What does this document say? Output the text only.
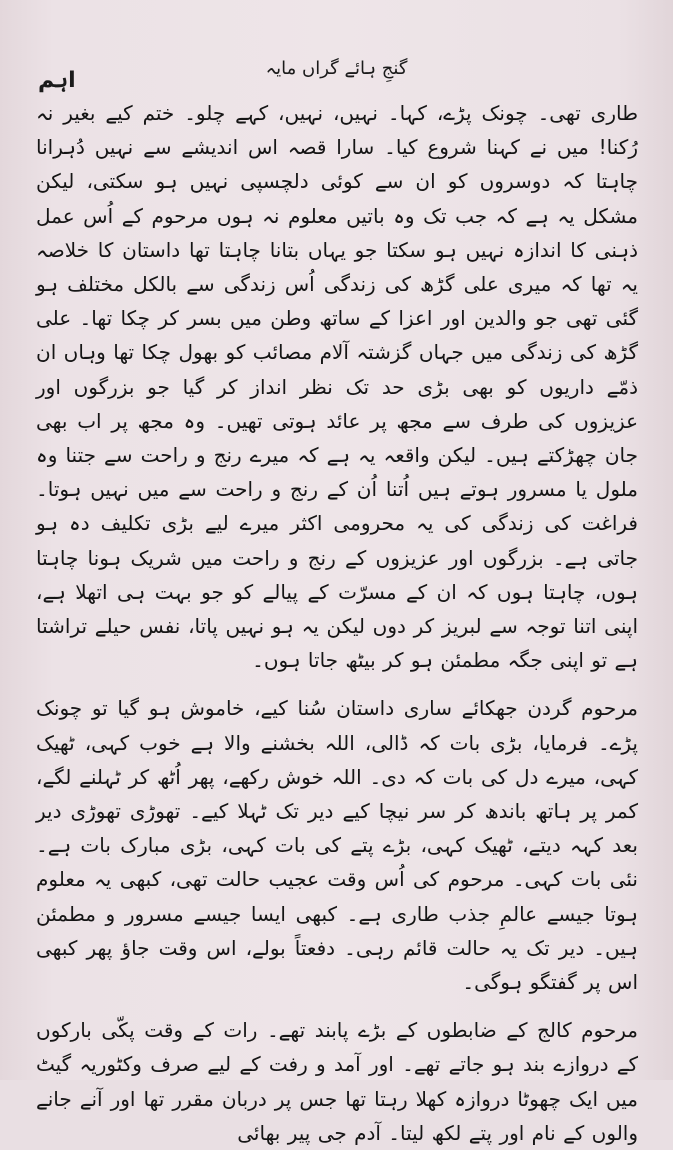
گنجِ ہائے گراں مایہ
اہم

طاری تھی۔ چونک پڑے، کہا۔ نہیں، نہیں، کہے چلو۔ ختم کیے بغیر نہ رُکنا! میں نے کہنا شروع کیا۔ سارا قصہ اس اندیشے سے نہیں دُہرانا چاہتا کہ دوسروں کو ان سے کوئی دلچسپی نہیں ہو سکتی، لیکن مشکل یہ ہے کہ جب تک وہ باتیں معلوم نہ ہوں مرحوم کے اُس عمل ذہنی کا اندازہ نہیں ہو سکتا جو یہاں بتانا چاہتا تھا داستان کا خلاصہ یہ تھا کہ میری علی گڑھ کی زندگی اُس زندگی سے بالکل مختلف ہو گئی تھی جو والدین اور اعزا کے ساتھ وطن میں بسر کر چکا تھا۔ علی گڑھ کی زندگی میں جہاں گزشتہ آلام مصائب کو بھول چکا تھا وہاں ان ذمّے داریوں کو بھی بڑی حد تک نظر انداز کر گیا جو بزرگوں اور عزیزوں کی طرف سے مجھ پر عائد ہوتی تھیں۔ وہ مجھ پر اب بھی جان چھڑکتے ہیں۔ لیکن واقعہ یہ ہے کہ میرے رنج و راحت سے جتنا وہ ملول یا مسرور ہوتے ہیں اُتنا اُن کے رنج و راحت سے میں نہیں ہوتا۔ فراغت کی زندگی کی یہ محرومی اکثر میرے لیے بڑی تکلیف دہ ہو جاتی ہے۔ بزرگوں اور عزیزوں کے رنج و راحت میں شریک ہونا چاہتا ہوں، چاہتا ہوں کہ ان کے مسرّت کے پیالے کو جو بہت ہی اتھلا ہے، اپنی اتنا توجہ سے لبریز کر دوں لیکن یہ ہو نہیں پاتا، نفس حیلے تراشتا ہے تو اپنی جگہ مطمئن ہو کر بیٹھ جاتا ہوں۔

مرحوم گردن جھکائے ساری داستان سُنا کیے، خاموش ہو گیا تو چونک پڑے۔ فرمایا، بڑی بات کہ ڈالی، اللہ بخشنے والا ہے خوب کہی، ٹھیک کہی، میرے دل کی بات کہ دی۔ اللہ خوش رکھے، پھر اُٹھ کر ٹہلنے لگے، کمر پر ہاتھ باندھ کر سر نیچا کیے دیر تک ٹہلا کیے۔ تھوڑی تھوڑی دیر بعد کہہ دیتے، ٹھیک کہی، بڑے پتے کی بات کہی، بڑی مبارک بات ہے۔ نئی بات کہی۔ مرحوم کی اُس وقت عجیب حالت تھی، کبھی یہ معلوم ہوتا جیسے عالمِ جذب طاری ہے۔ کبھی ایسا جیسے مسرور و مطمئن ہیں۔ دیر تک یہ حالت قائم رہی۔ دفعتاً بولے، اس وقت جاؤ پھر کبھی اس پر گفتگو ہوگی۔

مرحوم کالج کے ضابطوں کے بڑے پابند تھے۔ رات کے وقت پکّی بارکوں کے دروازے بند ہو جاتے تھے۔ اور آمد و رفت کے لیے صرف وکٹوریہ گیٹ میں ایک چھوٹا دروازہ کھلا رہتا تھا جس پر دربان مقرر تھا اور آنے جانے والوں کے نام اور پتے لکھ لیتا۔ آدم جی پیر بھائی
